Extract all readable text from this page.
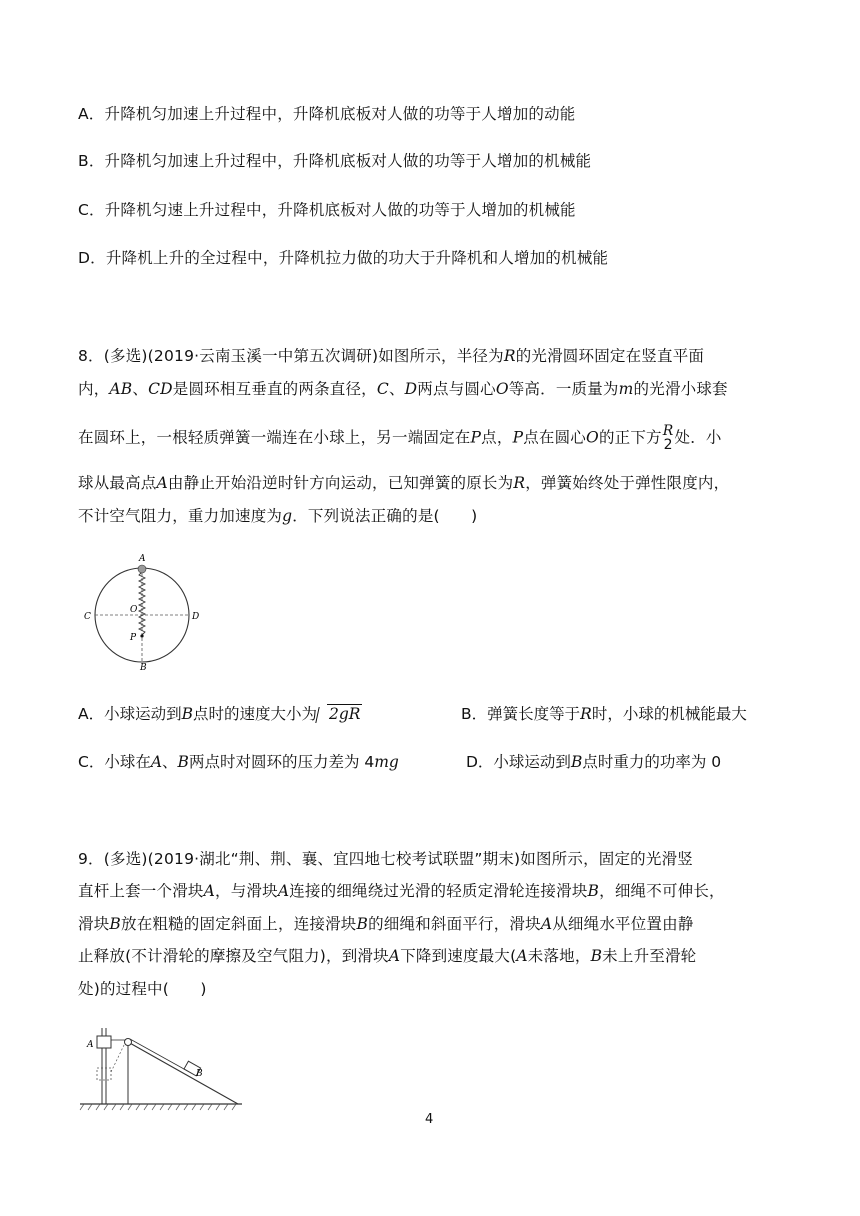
A．升降机匀加速上升过程中，升降机底板对人做的功等于人增加的动能
B．升降机匀加速上升过程中，升降机底板对人做的功等于人增加的机械能
C．升降机匀速上升过程中，升降机底板对人做的功等于人增加的机械能
D．升降机上升的全过程中，升降机拉力做的功大于升降机和人增加的机械能
8．(多选)(2019·云南玉溪一中第五次调研)如图所示，半径为R的光滑圆环固定在竖直平面
内，AB、CD是圆环相互垂直的两条直径，C、D两点与圆心O等高．一质量为m的光滑小球套
在圆环上，一根轻质弹簧一端连在小球上，另一端固定在P点，P点在圆心O的正下方 R
2 处．小
球从最高点A由静止开始沿逆时针方向运动，已知弹簧的原长为R，弹簧始终处于弹性限度内，
不计空气阻力，重力加速度为g．下列说法正确的是(　　)
A
B
C	D
O
P
A．小球运动到B点时的速度大小为 2gR	B．弹簧长度等于R时，小球的机械能最大
C．小球在A、B两点时对圆环的压力差为 4mg	D．小球运动到B点时重力的功率为 0
9．(多选)(2019·湖北“荆、荆、襄、宜四地七校考试联盟”期末)如图所示，固定的光滑竖
直杆上套一个滑块A，与滑块A连接的细绳绕过光滑的轻质定滑轮连接滑块B，细绳不可伸长，
滑块B放在粗糙的固定斜面上，连接滑块B的细绳和斜面平行，滑块A从细绳水平位置由静
止释放(不计滑轮的摩擦及空气阻力)，到滑块A下降到速度最大(A未落地，B未上升至滑轮
处)的过程中(　　)
A
B
4
